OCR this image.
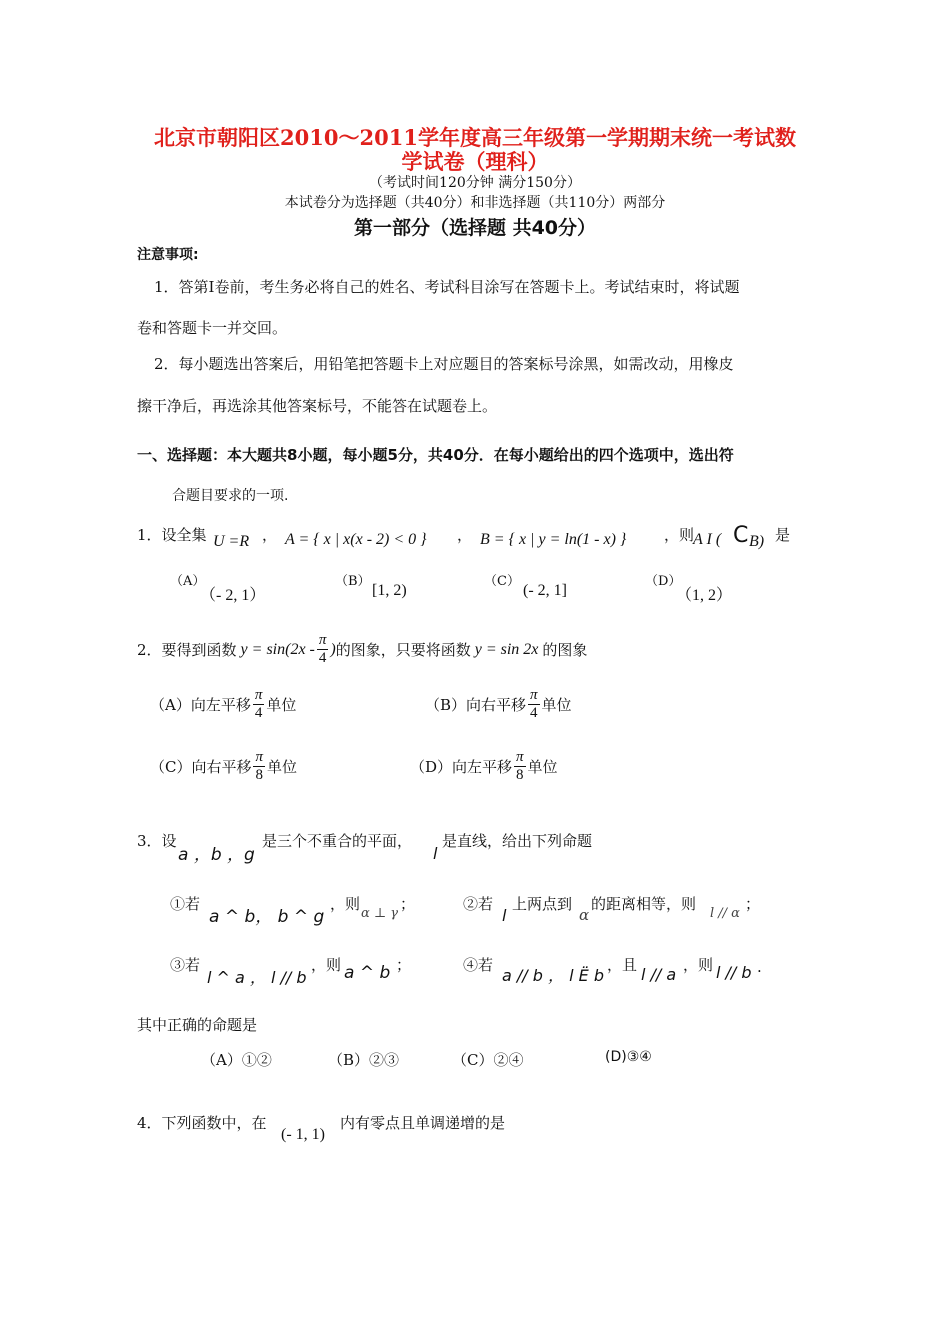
北京市朝阳区2010～2011学年度高三年级第一学期期末统一考试数
学试卷（理科）
（考试时间120分钟 满分150分）
本试卷分为选择题（共40分）和非选择题（共110分）两部分
第一部分（选择题 共40分）
注意事项:
1．答第Ⅰ卷前，考生务必将自己的姓名、考试科目涂写在答题卡上。考试结束时，将试题
卷和答题卡一并交回。
2．每小题选出答案后，用铅笔把答题卡上对应题目的答案标号涂黑，如需改动，用橡皮
擦干净后，再选涂其他答案标号，不能答在试题卷上。
一、选择题：本大题共8小题，每小题5分，共40分．在每小题给出的四个选项中，选出符
合题目要求的一项.
1．设全集 U =R ， A = { x | x(x - 2) < 0 } ， B = { x | y = ln(1 - x) }	，则
A I ( C B) 是
（A）
（- 2, 1）
（B）
[1, 2)
（C）
(- 2, 1]
（D）
（1, 2）
2．要得到函数 $y = \sin(2x - \frac{\pi}{4}$ ) 的图象，只要将函数 y = sin 2x 的图象
（A）向左平移 $\frac{\pi}{4}$ 单位	（B）向右平移 $\frac{\pi}{4}$ 单位
（C）向右平移 $\frac{\pi}{8}$ 单位	（D）向左平移 $\frac{\pi}{8}$ 单位
3．设
a ，b ，g
是三个不重合的平面，
l
是直线，给出下列命题
①若
a ^ b， b ^ g
，则
α ⊥ γ
；	②若
l
上两点到
α
的距离相等，则
l // α
；
③若
l ^ a ， l // b
，则 a ^ b ；	④若
a // b ， l Ë b
，且 l // a ，则 l // b .
其中正确的命题是
（A）①②	（B）②③	（C）②④	(D)③④
4．下列函数中，在
(- 1, 1)
内有零点且单调递增的是
